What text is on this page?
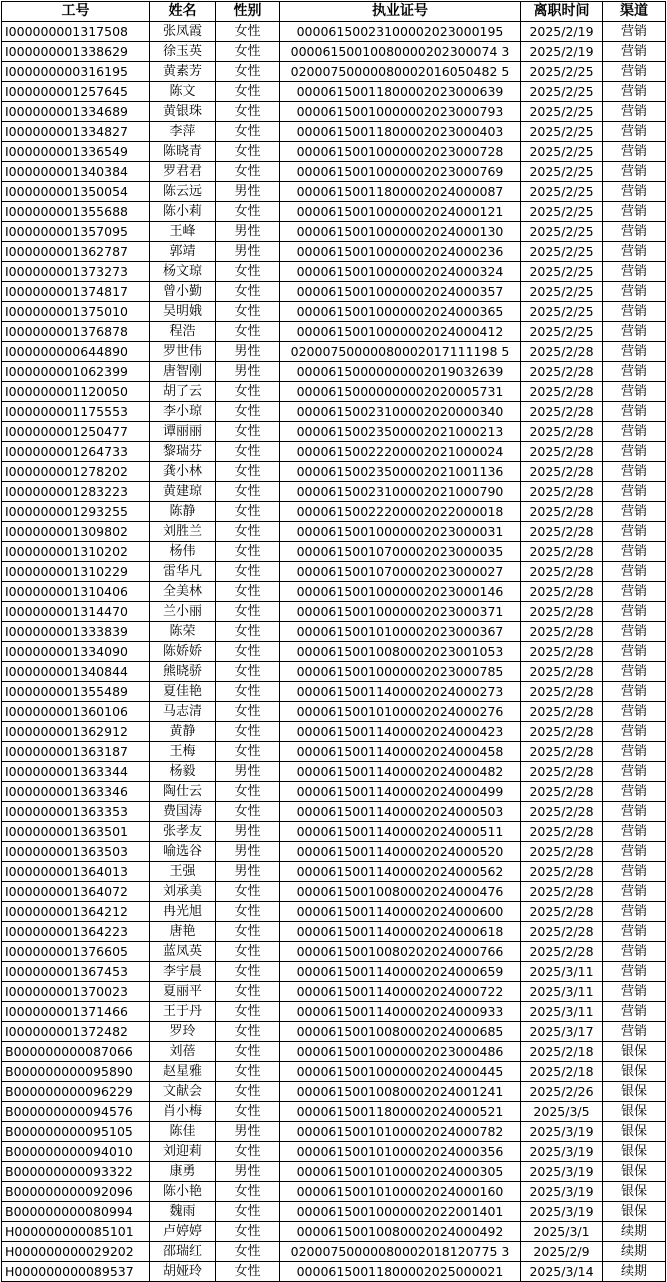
工号	姓名	性别	执业证号	离职时间	渠道
I000000001317508	张凤霞	女性	00006150023100002023000195	2025/2/19	营销
I000000001338629	徐玉英	女性	00006150010080000202300074 3	2025/2/19	营销
I000000000316195	黄素芳	女性	02000750000080002016050482 5	2025/2/25	营销
I000000001257645	陈文	女性	00006150011800002023000639	2025/2/25	营销
I000000001334689	黄银珠	女性	00006150010000002023000793	2025/2/25	营销
I000000001334827	李萍	女性	00006150011800002023000403	2025/2/25	营销
I000000001336549	陈晓青	女性	00006150010000002023000728	2025/2/25	营销
I000000001340384	罗君君	女性	00006150010000002023000769	2025/2/25	营销
I000000001350054	陈云远	男性	00006150011800002024000087	2025/2/25	营销
I000000001355688	陈小莉	女性	00006150010000002024000121	2025/2/25	营销
I000000001357095	王峰	男性	00006150010000002024000130	2025/2/25	营销
I000000001362787	郭靖	男性	00006150010000002024000236	2025/2/25	营销
I000000001373273	杨文琼	女性	00006150010000002024000324	2025/2/25	营销
I000000001374817	曾小勤	女性	00006150010000002024000357	2025/2/25	营销
I000000001375010	吴明娥	女性	00006150010000002024000365	2025/2/25	营销
I000000001376878	程浩	女性	00006150010000002024000412	2025/2/25	营销
I000000000644890	罗世伟	男性	02000750000080002017111198 5	2025/2/28	营销
I000000001062399	唐智刚	男性	00006150000000002019032639	2025/2/28	营销
I000000001120050	胡了云	女性	00006150000000002020005731	2025/2/28	营销
I000000001175553	李小琼	女性	00006150023100002020000340	2025/2/28	营销
I000000001250477	谭丽丽	女性	00006150023500002021000213	2025/2/28	营销
I000000001264733	黎瑞芬	女性	00006150022200002021000024	2025/2/28	营销
I000000001278202	龚小林	女性	00006150023500002021001136	2025/2/28	营销
I000000001283223	黄建琼	女性	00006150023100002021000790	2025/2/28	营销
I000000001293255	陈静	女性	00006150022200002022000018	2025/2/28	营销
I000000001309802	刘胜兰	女性	00006150010000002023000031	2025/2/28	营销
I000000001310202	杨伟	女性	00006150010700002023000035	2025/2/28	营销
I000000001310229	雷华凡	女性	00006150010700002023000027	2025/2/28	营销
I000000001310406	全美林	女性	00006150010000002023000146	2025/2/28	营销
I000000001314470	兰小丽	女性	00006150010000002023000371	2025/2/28	营销
I000000001333839	陈荣	女性	00006150010100002023000367	2025/2/28	营销
I000000001334090	陈娇娇	女性	00006150010080002023001053	2025/2/28	营销
I000000001340844	熊晓骄	女性	00006150010000002023000785	2025/2/28	营销
I000000001355489	夏佳艳	女性	00006150011400002024000273	2025/2/28	营销
I000000001360106	马志清	女性	00006150010100002024000276	2025/2/28	营销
I000000001362912	黄静	女性	00006150011400002024000423	2025/2/28	营销
I000000001363187	王梅	女性	00006150011400002024000458	2025/2/28	营销
I000000001363344	杨毅	男性	00006150011400002024000482	2025/2/28	营销
I000000001363346	陶仕云	女性	00006150011400002024000499	2025/2/28	营销
I000000001363353	费国涛	女性	00006150011400002024000503	2025/2/28	营销
I000000001363501	张孝友	男性	00006150011400002024000511	2025/2/28	营销
I000000001363503	喻选谷	男性	00006150011400002024000520	2025/2/28	营销
I000000001364013	王强	男性	00006150011400002024000562	2025/2/28	营销
I000000001364072	刘承美	女性	00006150010080002024000476	2025/2/28	营销
I000000001364212	冉光旭	女性	00006150011400002024000600	2025/2/28	营销
I000000001364223	唐艳	女性	00006150011400002024000618	2025/2/28	营销
I000000001376605	蓝凤英	女性	00006150010080202024000766	2025/2/28	营销
I000000001367453	李宇晨	女性	00006150011400002024000659	2025/3/11	营销
I000000001370023	夏丽平	女性	00006150011400002024000722	2025/3/11	营销
I000000001371466	王于丹	女性	00006150011400002024000933	2025/3/11	营销
I000000001372482	罗玲	女性	00006150010080002024000685	2025/3/17	营销
B000000000087066	刘蓓	女性	00006150010000002023000486	2025/2/18	银保
B000000000095890	赵星雅	女性	00006150010000002024000445	2025/2/18	银保
B000000000096229	文献会	女性	00006150010080002024001241	2025/2/26	银保
B000000000094576	肖小梅	女性	00006150011800002024000521	2025/3/5	银保
B000000000095105	陈佳	男性	00006150010100002024000782	2025/3/19	银保
B000000000094010	刘迎莉	女性	00006150010100002024000356	2025/3/19	银保
B000000000093322	康勇	男性	00006150010100002024000305	2025/3/19	银保
B000000000092096	陈小艳	女性	00006150010100002024000160	2025/3/19	银保
B000000000080994	魏雨	女性	00006150010000002022001401	2025/3/19	银保
H000000000085101	卢婷婷	女性	00006150010080002024000492	2025/3/1	续期
H000000000029202	邵瑞红	女性	02000750000080002018120775 3	2025/2/9	续期
H000000000089537	胡娅玲	女性	00006150011800002025000021	2025/3/14	续期
